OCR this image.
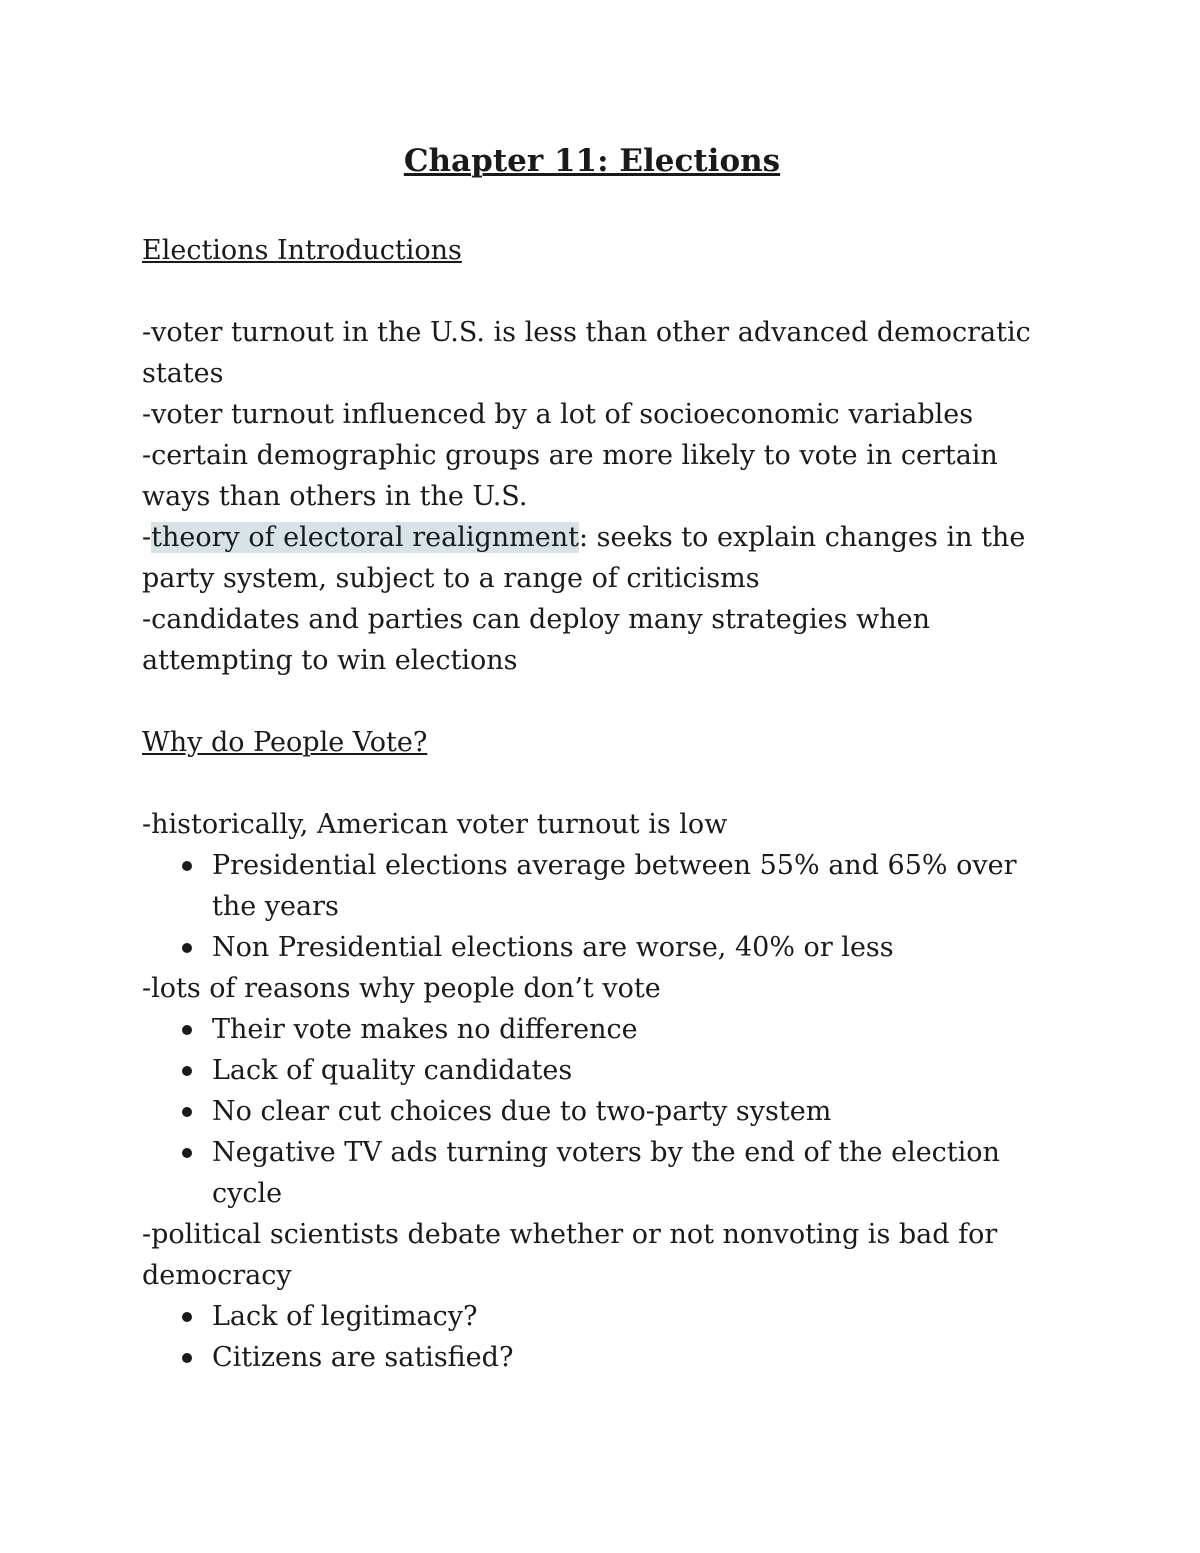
Chapter 11: Elections

Elections Introductions

-voter turnout in the U.S. is less than other advanced democratic states

-voter turnout influenced by a lot of socioeconomic variables

-certain demographic groups are more likely to vote in certain ways than others in the U.S.

-theory of electoral realignment: seeks to explain changes in the party system, subject to a range of criticisms

-candidates and parties can deploy many strategies when attempting to win elections

Why do People Vote?

-historically, American voter turnout is low

Presidential elections average between 55% and 65% over the years
Non Presidential elections are worse, 40% or less

-lots of reasons why people don’t vote

Their vote makes no difference
Lack of quality candidates
No clear cut choices due to two-party system
Negative TV ads turning voters by the end of the election cycle

-political scientists debate whether or not nonvoting is bad for democracy

Lack of legitimacy?
Citizens are satisfied?
